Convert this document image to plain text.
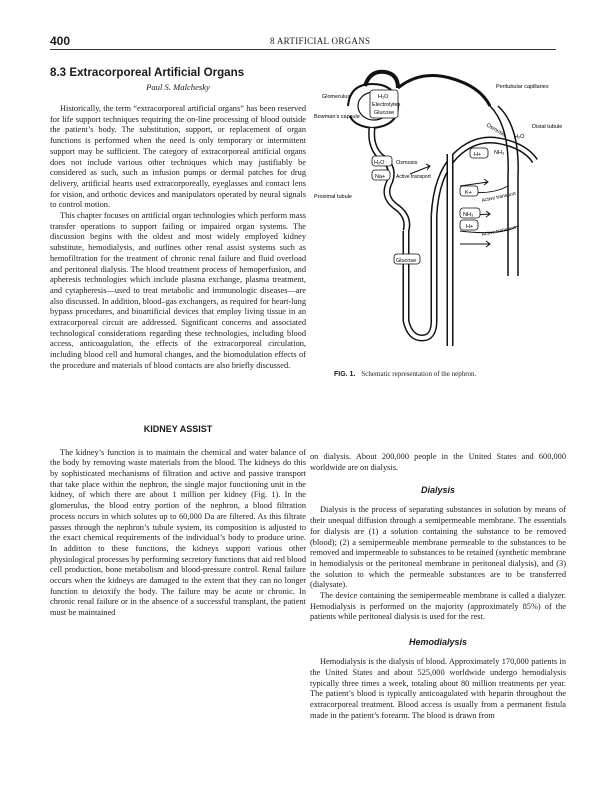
400	8 ARTIFICIAL ORGANS
8.3 Extracorporeal Artificial Organs
Paul S. Malchesky

Historically, the term “extracorporeal artificial organs” has been reserved for life support techniques requiring the on-line processing of blood outside the patient’s body. The substitution, support, or replacement of organ functions is performed when the need is only temporary or intermittent support may be sufficient. The category of extracorporeal artificial organs does not include various other techniques which may justifiably be considered as such, such as infusion pumps or dermal patches for drug delivery, artificial hearts used extracorporeally, eyeglasses and contact lens for vision, and orthotic devices and manipulators operated by neural signals to control motion.

This chapter focuses on artificial organ technologies which perform mass transfer operations to support failing or impaired organ systems. The discussion begins with the oldest and most widely employed kidney substitute, hemodialysis, and outlines other renal assist systems such as hemofiltration for the treatment of chronic renal failure and fluid overload and peritoneal dialysis. The blood treatment process of hemoperfusion, and apheresis technologies which include plasma exchange, plasma treatment, and cytapheresis—used to treat metabolic and immunologic diseases—are also discussed. In addition, blood–gas exchangers, as required for heart-lung bypass procedures, and bioartificial devices that employ living tissue in an extracorporeal circuit are addressed. Significant concerns and associated technological considerations regarding these technologies, including blood access, anticoagulation, the effects of the extracorporeal circulation, including blood cell and humoral changes, and the biomodulation effects of the procedure and materials of blood contacts are also briefly discussed.

KIDNEY ASSIST

The kidney’s function is to maintain the chemical and water balance of the body by removing waste materials from the blood. The kidneys do this by sophisticated mechanisms of filtration and active and passive transport that take place within the nephron, the single major functioning unit in the kidney, of which there are about 1 million per kidney (Fig. 1). In the glomerulus, the blood entry portion of the nephron, a blood filtration process occurs in which solutes up to 60,000 Da are filtered. As this filtrate passes through the nephron’s tubule system, its composition is adjusted to the exact chemical requirements of the individual’s body to produce urine. In addition to these functions, the kidneys support various other physiological processes by performing secretory functions that aid red blood cell production, bone metabolism and blood-pressure control. Renal failure occurs when the kidneys are damaged to the extent that they can no longer function to detoxify the body. The failure may be acute or chronic. In chronic renal failure or in the absence of a successful transplant, the patient must be maintained

Glomerulus
Bowman’s capsule
H₂O
Electrolytes
Glucose
Peritubular capillaries
Distal tubule
Osmosis H₂O
K+
H+ NH₃
H₂O Osmosis
Na+ Active transport
Proximal tubule
NH₃
Active transport
H+ Active transport
Glucose
FIG. 1. Schematic representation of the nephron.

on dialysis. About 200,000 people in the United States and 600,000 worldwide are on dialysis.

Dialysis

Dialysis is the process of separating substances in solution by means of their unequal diffusion through a semipermeable membrane. The essentials for dialysis are (1) a solution containing the substance to be removed (blood); (2) a semipermeable membrane permeable to the substances to be removed and impermeable to substances to be retained (synthetic membrane in hemodialysis or the peritoneal membrane in peritoneal dialysis), and (3) the solution to which the permeable substances are to be transferred (dialysate).

The device containing the semipermeable membrane is called a dialyzer. Hemodialysis is performed on the majority (approximately 85%) of the patients while peritoneal dialysis is used for the rest.

Hemodialysis

Hemodialysis is the dialysis of blood. Approximately 170,000 patients in the United States and about 525,000 worldwide undergo hemodialysis typically three times a week, totaling about 80 million treatments per year. The patient’s blood is typically anticoagulated with heparin throughout the extracorporeal treatment. Blood access is usually from a permanent fistula made in the patient’s forearm. The blood is drawn from
